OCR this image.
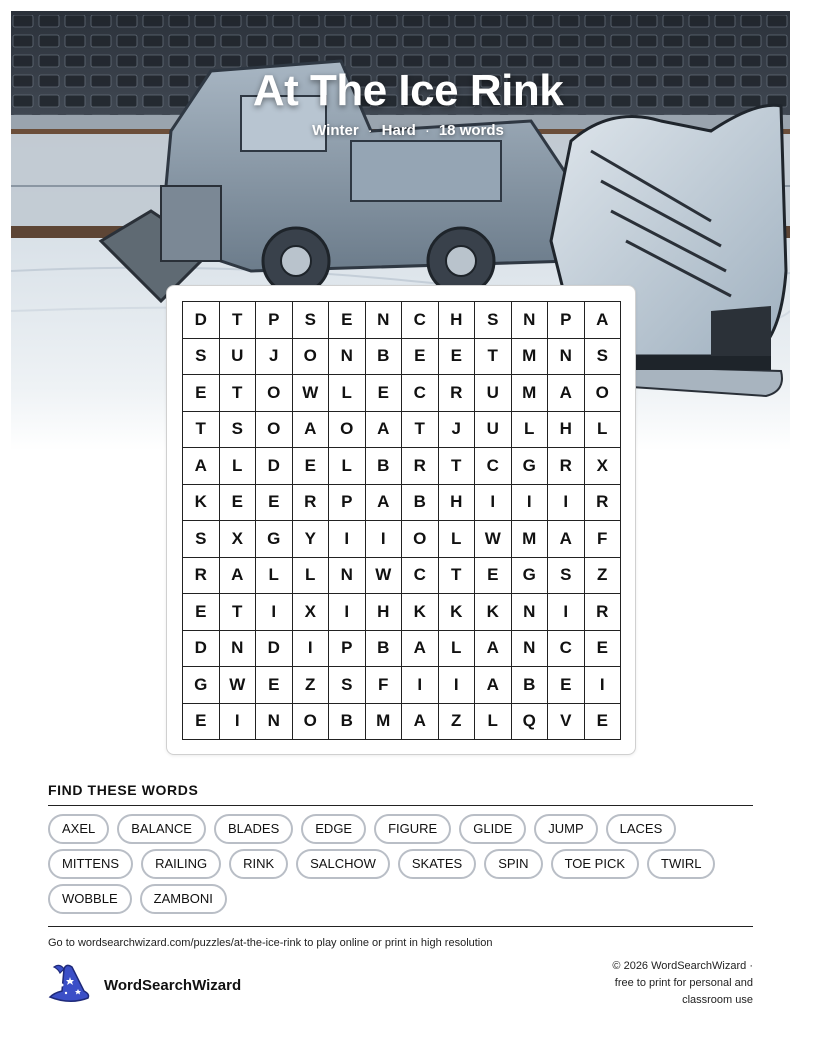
At The Ice Rink
Winter · Hard · 18 words
D	T	P	S	E	N	C	H	S	N	P	A
S	U	J	O	N	B	E	E	T	M	N	S
E	T	O	W	L	E	C	R	U	M	A	O
T	S	O	A	O	A	T	J	U	L	H	L
A	L	D	E	L	B	R	T	C	G	R	X
K	E	E	R	P	A	B	H	I	I	I	R
S	X	G	Y	I	I	O	L	W	M	A	F
R	A	L	L	N	W	C	T	E	G	S	Z
E	T	I	X	I	H	K	K	K	N	I	R
D	N	D	I	P	B	A	L	A	N	C	E
G	W	E	Z	S	F	I	I	A	B	E	I
E	I	N	O	B	M	A	Z	L	Q	V	E
FIND THESE WORDS
AXEL	BALANCE	BLADES	EDGE	FIGURE	GLIDE	JUMP	LACES
MITTENS	RAILING	RINK	SALCHOW	SKATES	SPIN	TOE PICK	TWIRL
WOBBLE	ZAMBONI
Go to wordsearchwizard.com/puzzles/at-the-ice-rink to play online or print in high resolution
WordSearchWizard
© 2026 WordSearchWizard ·
free to print for personal and
classroom use
